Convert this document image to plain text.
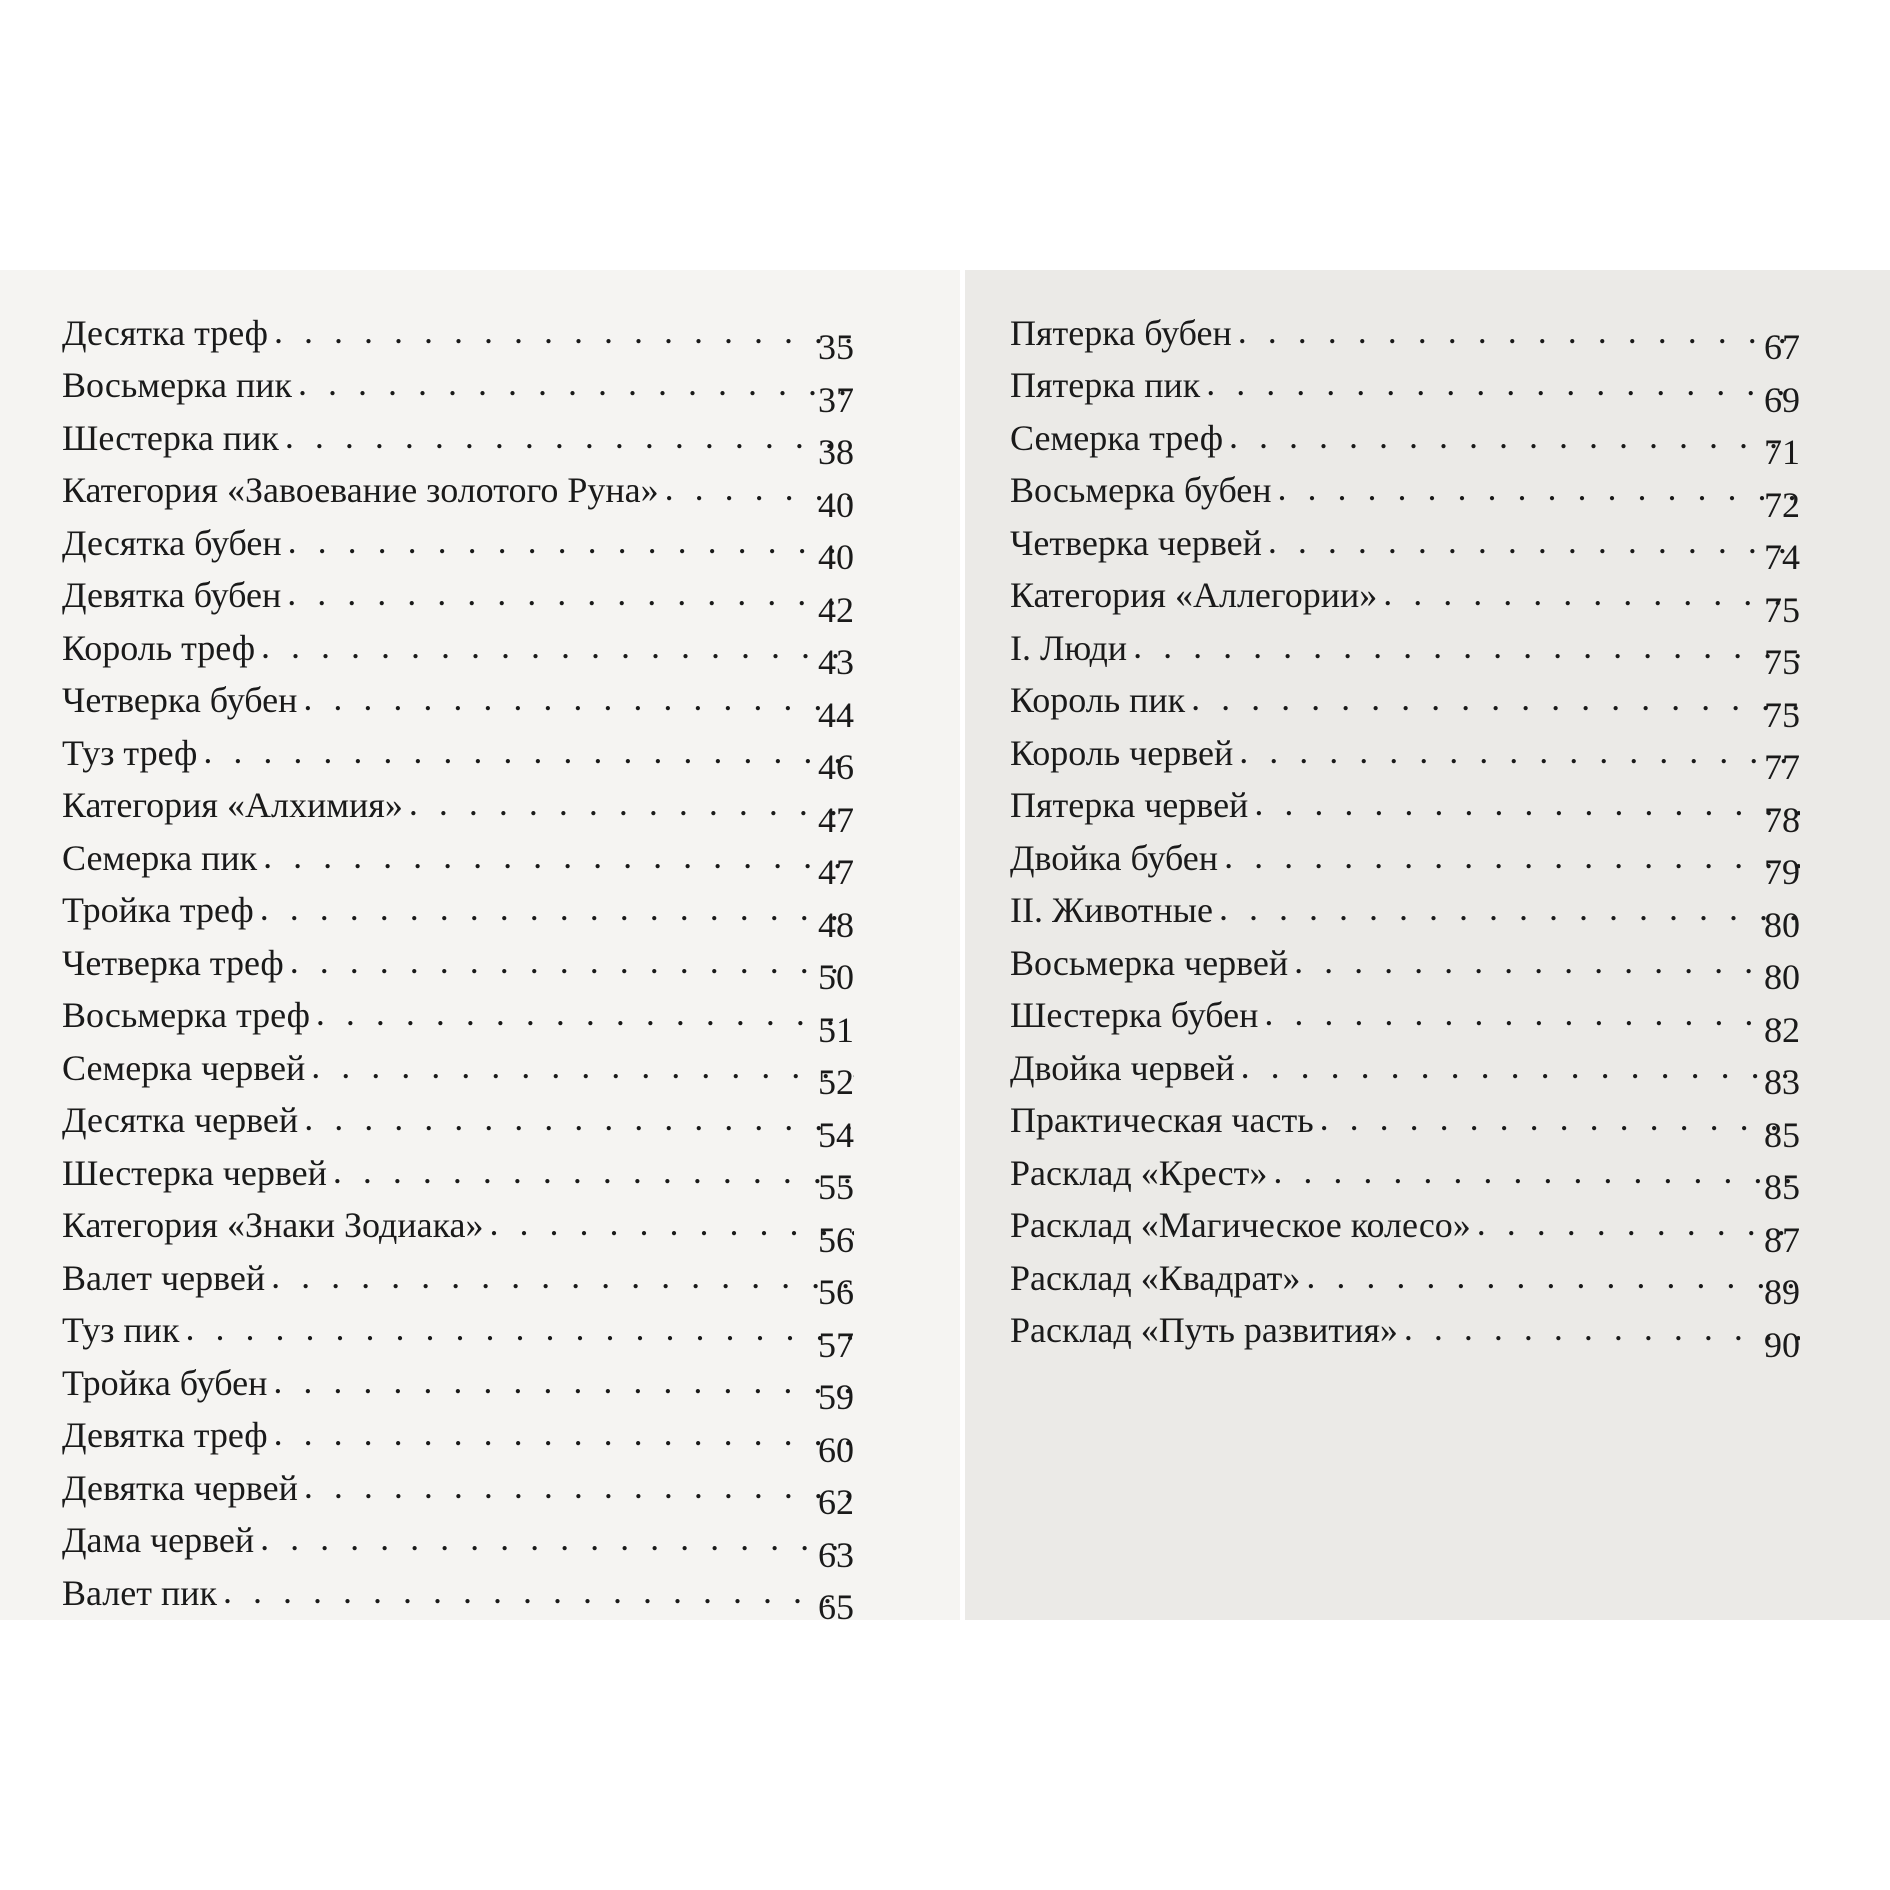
Десятка треф . . .	35
Восьмерка пик . . .	37
Шестерка пик . . .	38
Категория «Завоевание золотого Руна» . . .	40
Десятка бубен . . .	40
Девятка бубен . . .	42
Король треф . . .	43
Четверка бубен . . .	44
Туз треф . . .	46
Категория «Алхимия» . . .	47
Семерка пик . . .	47
Тройка треф . . .	48
Четверка треф . . .	50
Восьмерка треф . . .	51
Семерка червей . . .	52
Десятка червей . . .	54
Шестерка червей . . .	55
Категория «Знаки Зодиака» . . .	56
Валет червей . . .	56
Туз пик . . .	57
Тройка бубен . . .	59
Девятка треф . . .	60
Девятка червей . . .	62
Дама червей . . .	63
Валет пик . . .	65
Пятерка бубен . . .	67
Пятерка пик . . .	69
Семерка треф . . .	71
Восьмерка бубен . . .	72
Четверка червей . . .	74
Категория «Аллегории» . . .	75
I. Люди . . .	75
Король пик . . .	75
Король червей . . .	77
Пятерка червей . . .	78
Двойка бубен . . .	79
II. Животные . . .	80
Восьмерка червей . . .	80
Шестерка бубен . . .	82
Двойка червей . . .	83
Практическая часть . . .	85
Расклад «Крест» . . .	85
Расклад «Магическое колесо» . . .	87
Расклад «Квадрат» . . .	89
Расклад «Путь развития» . . .	90
